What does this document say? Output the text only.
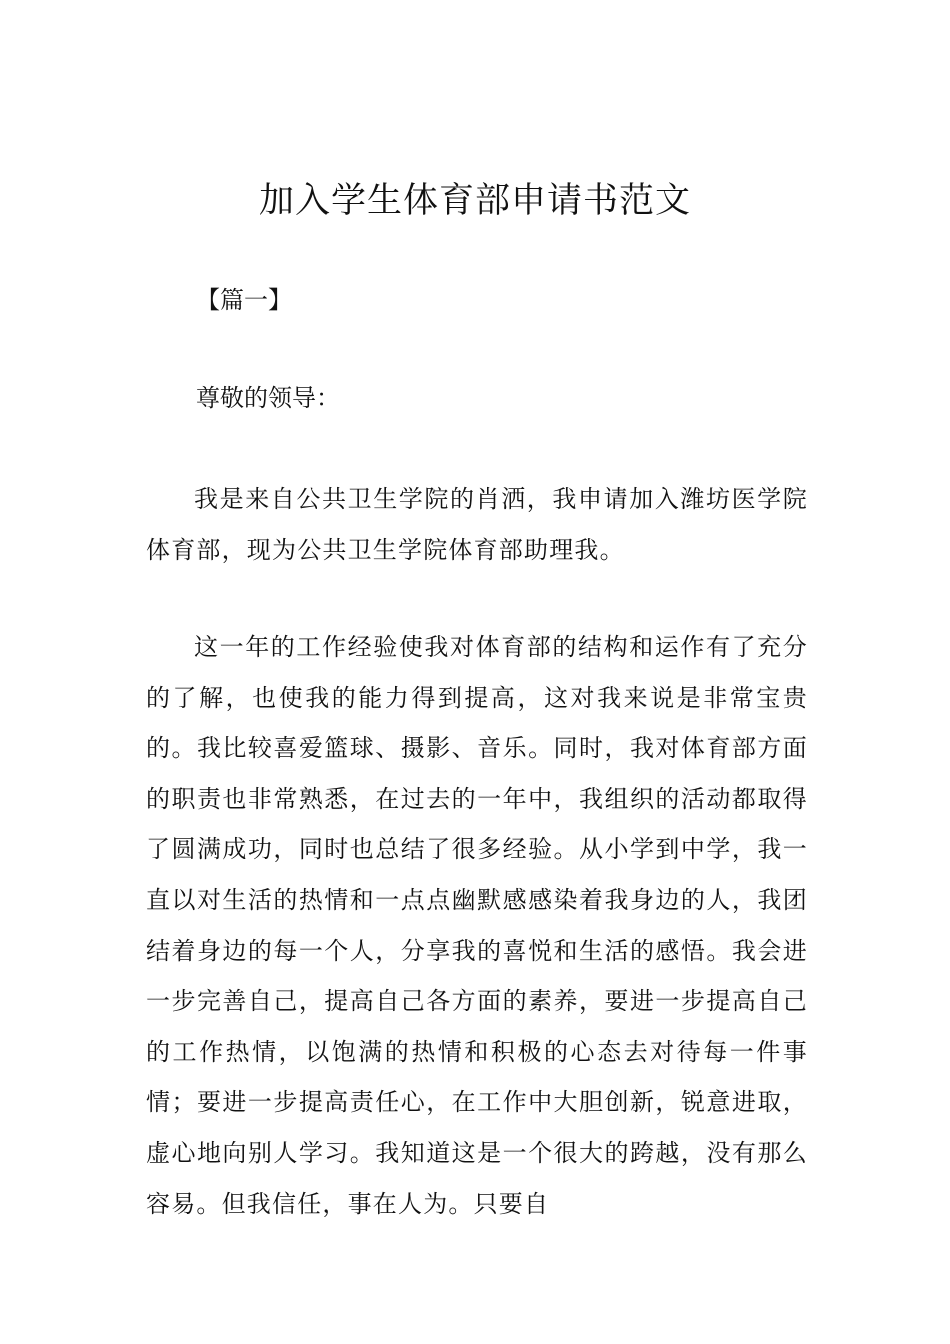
加入学生体育部申请书范文

【篇一】

尊敬的领导：

我是来自公共卫生学院的肖洒，我申请加入潍坊医学院体育部，现为公共卫生学院体育部助理我。

这一年的工作经验使我对体育部的结构和运作有了充分的了解，也使我的能力得到提高，这对我来说是非常宝贵的。我比较喜爱篮球、摄影、音乐。同时，我对体育部方面的职责也非常熟悉，在过去的一年中，我组织的活动都取得了圆满成功，同时也总结了很多经验。从小学到中学，我一直以对生活的热情和一点点幽默感感染着我身边的人，我团结着身边的每一个人，分享我的喜悦和生活的感悟。我会进一步完善自己，提高自己各方面的素养，要进一步提高自己的工作热情，以饱满的热情和积极的心态去对待每一件事情；要进一步提高责任心，在工作中大胆创新，锐意进取，虚心地向别人学习。我知道这是一个很大的跨越，没有那么容易。但我信任，事在人为。只要自
